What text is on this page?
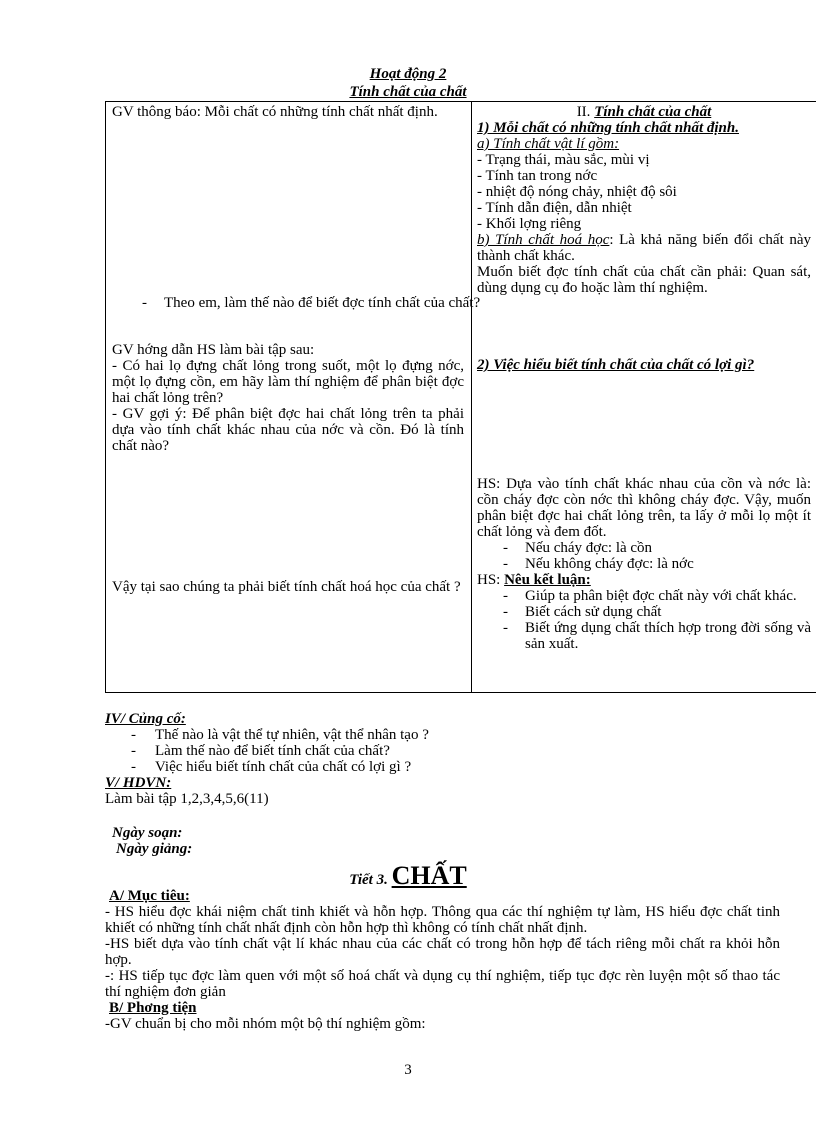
Hoạt động 2
Tính chất của chất
GV thông báo: Mỗi chất có những tính chất nhất định.
- Theo em, làm thế nào để biết đợc tính chất của chất?
GV hớng dẫn HS làm bài tập sau:
- Có hai lọ đựng chất lỏng trong suốt, một lọ đựng nớc, một lọ đựng cồn, em hãy làm thí nghiệm để phân biệt đợc hai chất lỏng trên?
- GV gợi ý: Để phân biệt đợc hai chất lỏng trên ta phải dựa vào tính chất khác nhau của nớc và cồn. Đó là tính chất nào?
Vậy tại sao chúng ta phải biết tính chất hoá học của chất ?
II. Tính chất của chất
1) Mỗi chất có những tính chất nhất định.
a) Tính chất vật lí gồm:
- Trạng thái, màu sắc, mùi vị
- Tính tan trong nớc
- nhiệt độ nóng chảy, nhiệt độ sôi
- Tính dẫn điện, dẫn nhiệt
- Khối lợng riêng
b) Tính chất hoá học: Là khả năng biến đổi chất này thành chất khác.
Muốn biết đợc tính chất của chất cần phải: Quan sát, dùng dụng cụ đo hoặc làm thí nghiệm.
2) Việc hiểu biết tính chất của chất có lợi gì?
HS: Dựa vào tính chất khác nhau của cồn và nớc là: cồn cháy đợc còn nớc thì không cháy đợc. Vậy, muốn phân biệt đợc hai chất lỏng trên, ta lấy ở mỗi lọ một ít chất lỏng và đem đốt.
- Nếu cháy đợc: là cồn
- Nếu không cháy đợc: là nớc
HS: Nêu kết luận:
- Giúp ta phân biệt đợc chất này với chất khác.
- Biết cách sử dụng chất
- Biết ứng dụng chất thích hợp trong đời sống và sản xuất.
IV/ Củng cố:
- Thế nào là vật thể tự nhiên, vật thể nhân tạo ?
- Làm thế nào để biết tính chất của chất?
- Việc hiểu biết tính chất của chất có lợi gì ?
V/ HDVN:
Làm bài tập 1,2,3,4,5,6(11)
Ngày soạn:
Ngày giảng:
Tiết 3. CHẤT
A/ Mục tiêu:
- HS hiểu đợc khái niệm chất tinh khiết và hỗn hợp. Thông qua các thí nghiệm tự làm, HS hiểu đợc chất tinh khiết có những tính chất nhất định còn hỗn hợp thì không có tính chất nhất định.
-HS biết dựa vào tính chất vật lí khác nhau của các chất có trong hỗn hợp để tách riêng mỗi chất ra khỏi hỗn hợp.
-: HS tiếp tục đợc làm quen với một số hoá chất và dụng cụ thí nghiệm, tiếp tục đợc rèn luyện một số thao tác thí nghiệm đơn giản
B/ Phơng tiện
-GV chuẩn bị cho mỗi nhóm một bộ thí nghiệm gồm:
3
